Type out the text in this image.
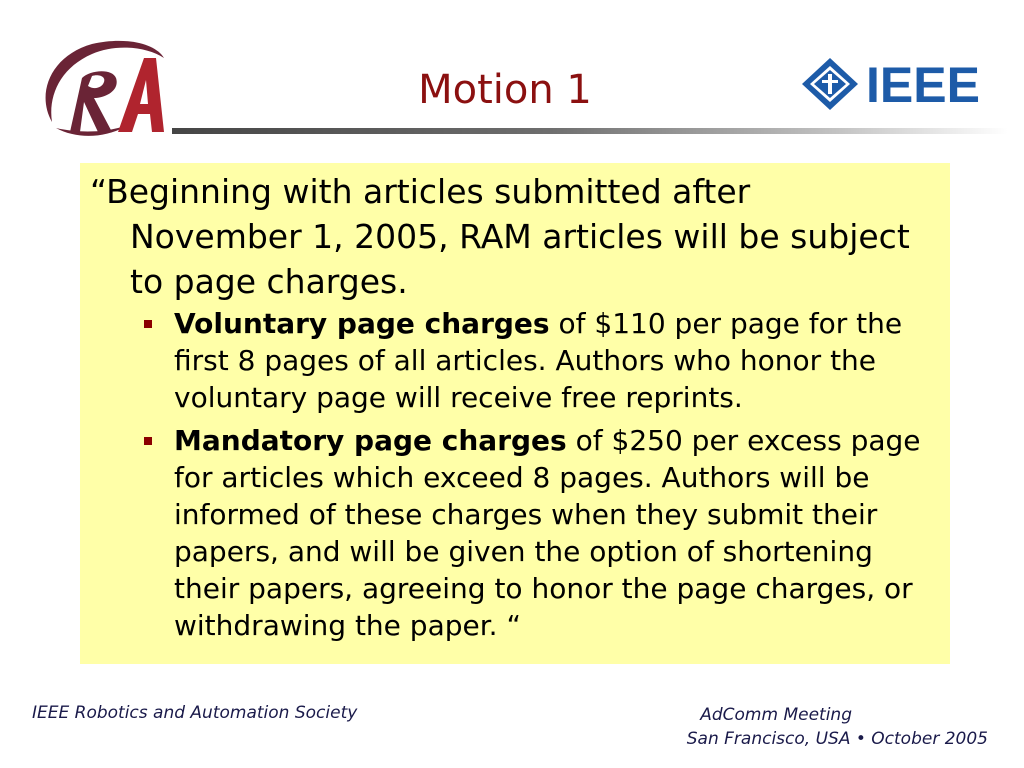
Motion 1	IEEE
“Beginning with articles submitted after November 1, 2005, RAM articles will be subject to page charges.
Voluntary page charges of $110 per page for the first 8 pages of all articles. Authors who honor the voluntary page will receive free reprints.
Mandatory page charges of $250 per excess page for articles which exceed 8 pages. Authors will be informed of these charges when they submit their papers, and will be given the option of shortening their papers, agreeing to honor the page charges, or withdrawing the paper. “
IEEE Robotics and Automation Society	AdComm Meeting
San Francisco, USA • October 2005
